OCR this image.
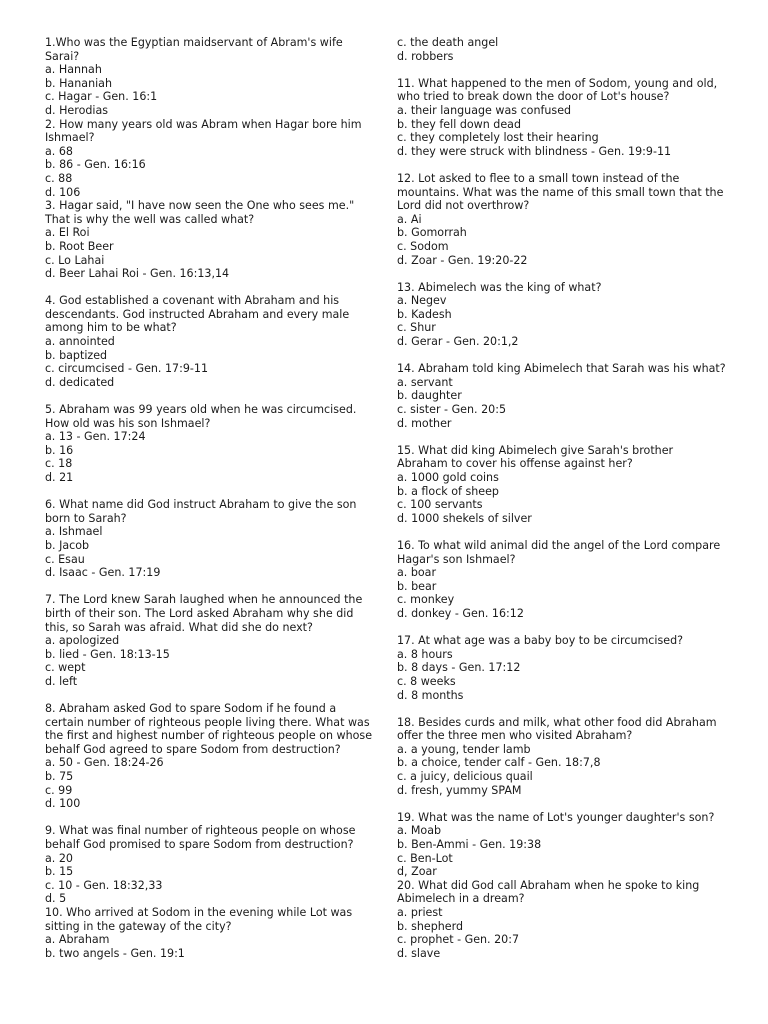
1.Who was the Egyptian maidservant of Abram's wife Sarai?
a. Hannah
b. Hananiah
c. Hagar - Gen. 16:1
d. Herodias
2. How many years old was Abram when Hagar bore him Ishmael?
a. 68
b. 86 - Gen. 16:16
c. 88
d. 106
3. Hagar said, "I have now seen the One who sees me." That is why the well was called what?
a. El Roi
b. Root Beer
c. Lo Lahai
d. Beer Lahai Roi - Gen. 16:13,14
4. God established a covenant with Abraham and his descendants. God instructed Abraham and every male among him to be what?
a. annointed
b. baptized
c. circumcised - Gen. 17:9-11
d. dedicated
5. Abraham was 99 years old when he was circumcised. How old was his son Ishmael?
a. 13 - Gen. 17:24
b. 16
c. 18
d. 21
6. What name did God instruct Abraham to give the son born to Sarah?
a. Ishmael
b. Jacob
c. Esau
d. Isaac - Gen. 17:19
7. The Lord knew Sarah laughed when he announced the birth of their son. The Lord asked Abraham why she did this, so Sarah was afraid. What did she do next?
a. apologized
b. lied - Gen. 18:13-15
c. wept
d. left
8. Abraham asked God to spare Sodom if he found a certain number of righteous people living there. What was the first and highest number of righteous people on whose behalf God agreed to spare Sodom from destruction?
a. 50 - Gen. 18:24-26
b. 75
c. 99
d. 100
9. What was final number of righteous people on whose behalf God promised to spare Sodom from destruction?
a. 20
b. 15
c. 10 - Gen. 18:32,33
d. 5
10. Who arrived at Sodom in the evening while Lot was sitting in the gateway of the city?
a. Abraham
b. two angels - Gen. 19:1
c. the death angel
d. robbers
11. What happened to the men of Sodom, young and old, who tried to break down the door of Lot's house?
a. their language was confused
b. they fell down dead
c. they completely lost their hearing
d. they were struck with blindness - Gen. 19:9-11
12. Lot asked to flee to a small town instead of the mountains. What was the name of this small town that the Lord did not overthrow?
a. Ai
b. Gomorrah
c. Sodom
d. Zoar - Gen. 19:20-22
13. Abimelech was the king of what?
a. Negev
b. Kadesh
c. Shur
d. Gerar - Gen. 20:1,2
14. Abraham told king Abimelech that Sarah was his what?
a. servant
b. daughter
c. sister - Gen. 20:5
d. mother
15. What did king Abimelech give Sarah's brother Abraham to cover his offense against her?
a. 1000 gold coins
b. a flock of sheep
c. 100 servants
d. 1000 shekels of silver
16. To what wild animal did the angel of the Lord compare Hagar's son Ishmael?
a. boar
b. bear
c. monkey
d. donkey - Gen. 16:12
17. At what age was a baby boy to be circumcised?
a. 8 hours
b. 8 days - Gen. 17:12
c. 8 weeks
d. 8 months
18. Besides curds and milk, what other food did Abraham offer the three men who visited Abraham?
a. a young, tender lamb
b. a choice, tender calf - Gen. 18:7,8
c. a juicy, delicious quail
d. fresh, yummy SPAM
19. What was the name of Lot's younger daughter's son?
a. Moab
b. Ben-Ammi - Gen. 19:38
c. Ben-Lot
d, Zoar
20. What did God call Abraham when he spoke to king Abimelech in a dream?
a. priest
b. shepherd
c. prophet - Gen. 20:7
d. slave
